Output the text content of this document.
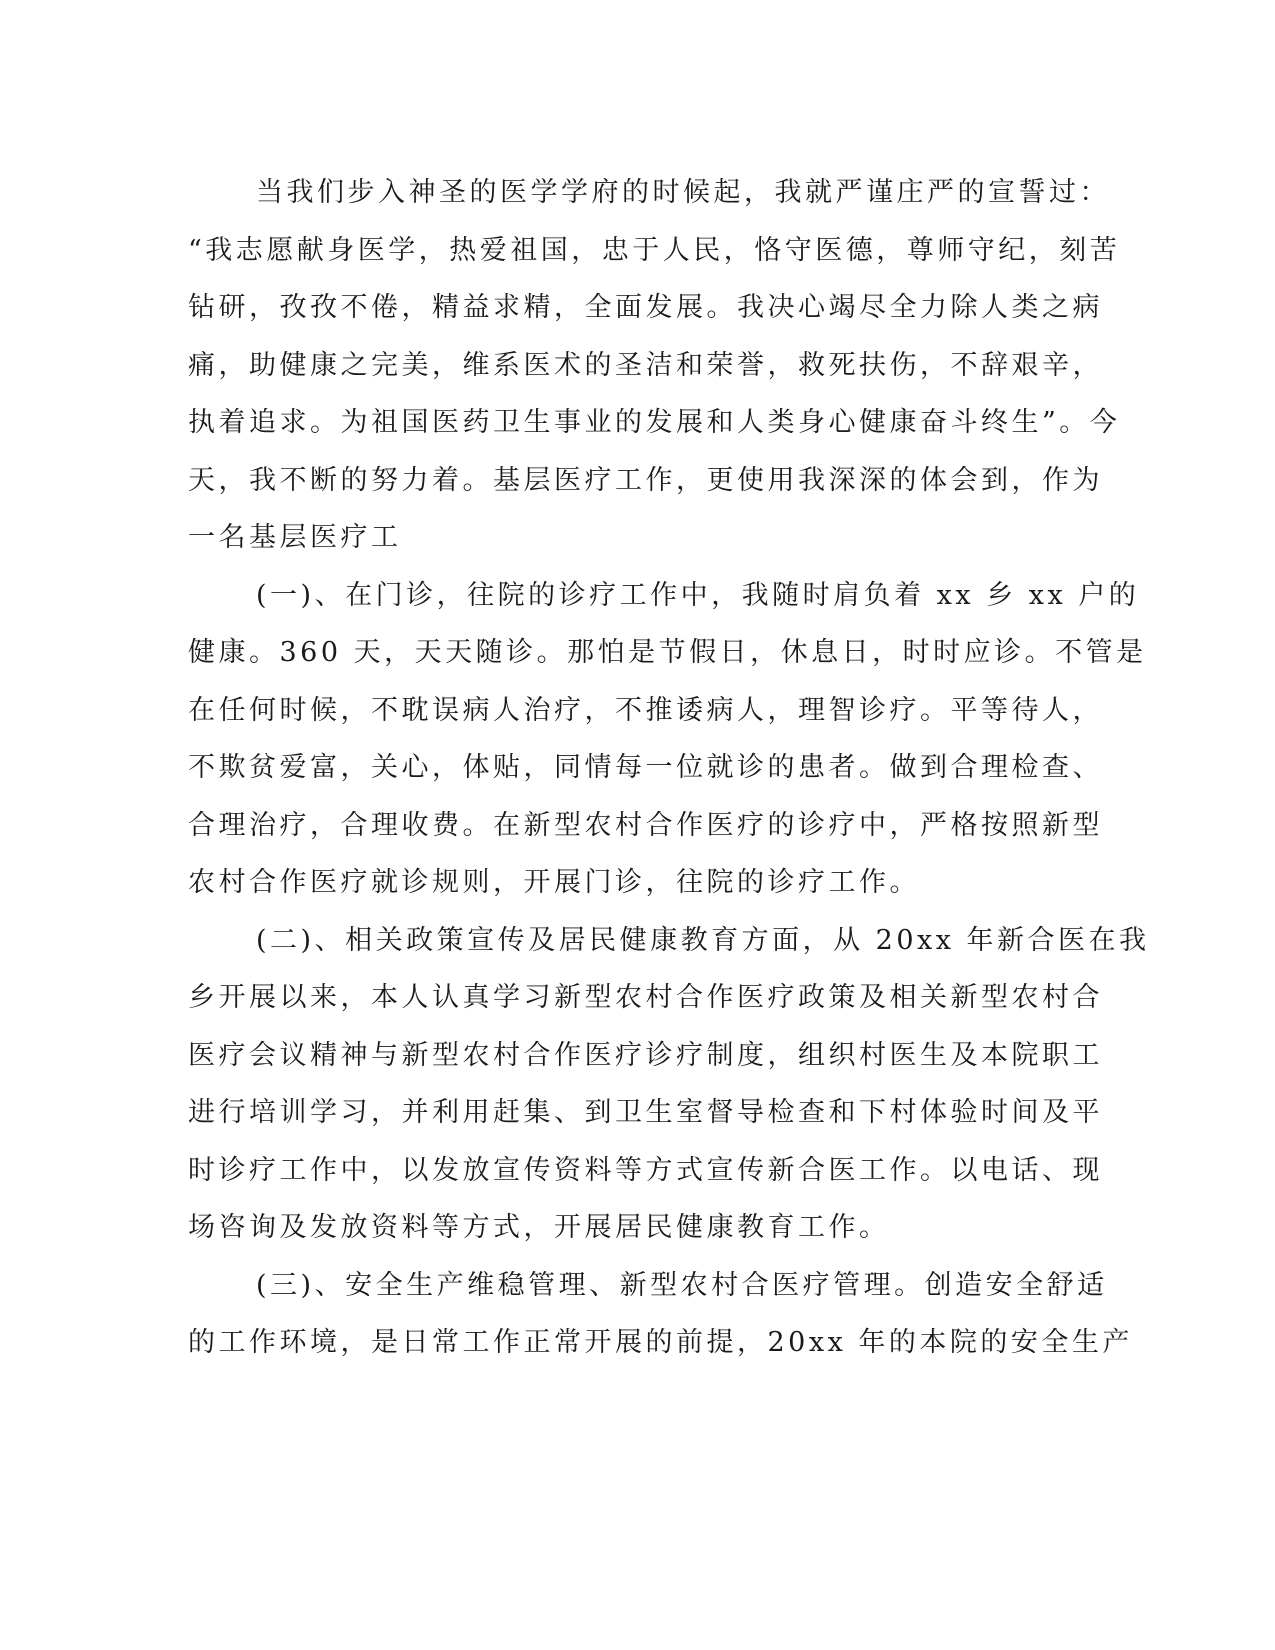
当我们步入神圣的医学学府的时候起，我就严谨庄严的宣誓过：
“我志愿献身医学，热爱祖国，忠于人民，恪守医德，尊师守纪，刻苦
钻研，孜孜不倦，精益求精，全面发展。我决心竭尽全力除人类之病
痛，助健康之完美，维系医术的圣洁和荣誉，救死扶伤，不辞艰辛，
执着追求。为祖国医药卫生事业的发展和人类身心健康奋斗终生”。今
天，我不断的努力着。基层医疗工作，更使用我深深的体会到，作为
一名基层医疗工
(一)、在门诊，往院的诊疗工作中，我随时肩负着 xx 乡 xx 户的
健康。360 天，天天随诊。那怕是节假日，休息日，时时应诊。不管是
在任何时候，不耽误病人治疗，不推诿病人，理智诊疗。平等待人，
不欺贫爱富，关心，体贴，同情每一位就诊的患者。做到合理检查、
合理治疗，合理收费。在新型农村合作医疗的诊疗中，严格按照新型
农村合作医疗就诊规则，开展门诊，往院的诊疗工作。
(二)、相关政策宣传及居民健康教育方面，从 20xx 年新合医在我
乡开展以来，本人认真学习新型农村合作医疗政策及相关新型农村合
医疗会议精神与新型农村合作医疗诊疗制度，组织村医生及本院职工
进行培训学习，并利用赶集、到卫生室督导检查和下村体验时间及平
时诊疗工作中，以发放宣传资料等方式宣传新合医工作。以电话、现
场咨询及发放资料等方式，开展居民健康教育工作。
(三)、安全生产维稳管理、新型农村合医疗管理。创造安全舒适
的工作环境，是日常工作正常开展的前提，20xx 年的本院的安全生产
